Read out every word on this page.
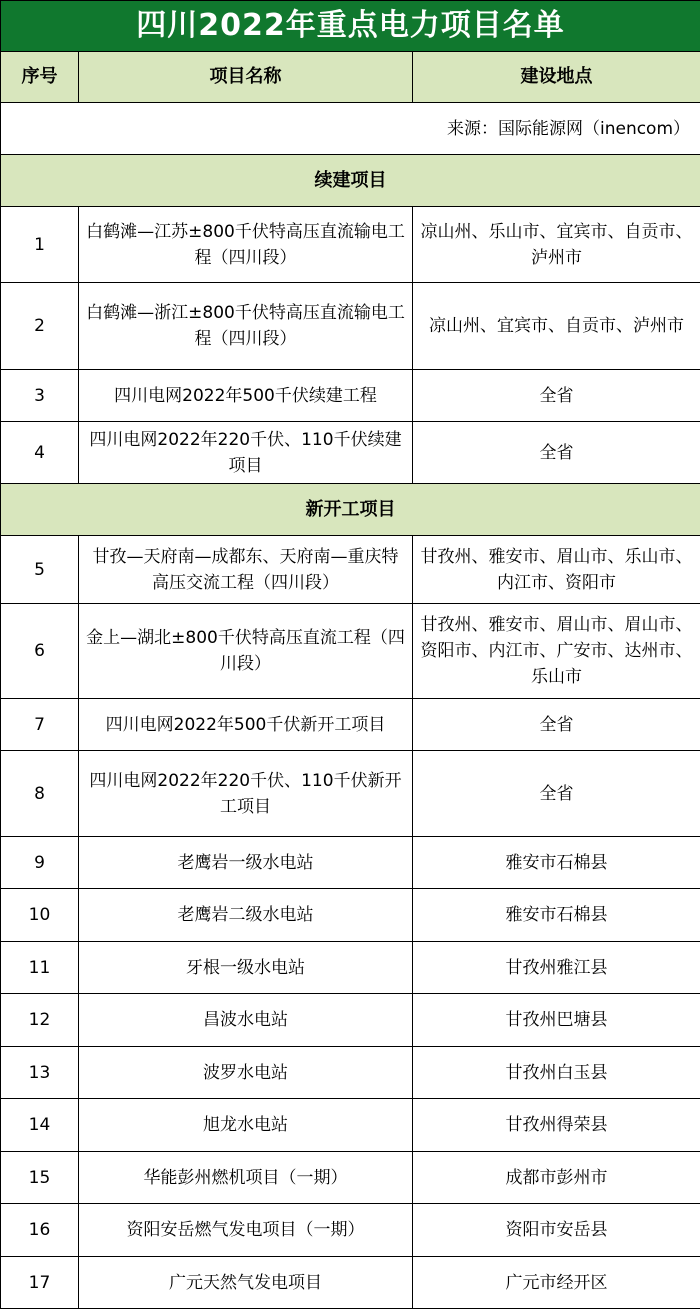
四川2022年重点电力项目名单		
序号	项目名称	建设地点
来源：国际能源网（inencom）		
续建项目		
1	白鹤滩—江苏±800千伏特高压直流输电工程（四川段）	凉山州、乐山市、宜宾市、自贡市、泸州市
2	白鹤滩—浙江±800千伏特高压直流输电工程（四川段）	凉山州、宜宾市、自贡市、泸州市
3	四川电网2022年500千伏续建工程	全省
4	四川电网2022年220千伏、110千伏续建项目	全省
新开工项目		
5	甘孜—天府南—成都东、天府南—重庆特高压交流工程（四川段）	甘孜州、雅安市、眉山市、乐山市、内江市、资阳市
6	金上—湖北±800千伏特高压直流工程（四川段）	甘孜州、雅安市、眉山市、眉山市、资阳市、内江市、广安市、达州市、乐山市
7	四川电网2022年500千伏新开工项目	全省
8	四川电网2022年220千伏、110千伏新开工项目	全省
9	老鹰岩一级水电站	雅安市石棉县
10	老鹰岩二级水电站	雅安市石棉县
11	牙根一级水电站	甘孜州雅江县
12	昌波水电站	甘孜州巴塘县
13	波罗水电站	甘孜州白玉县
14	旭龙水电站	甘孜州得荣县
15	华能彭州燃机项目（一期）	成都市彭州市
16	资阳安岳燃气发电项目（一期）	资阳市安岳县
17	广元天然气发电项目	广元市经开区
